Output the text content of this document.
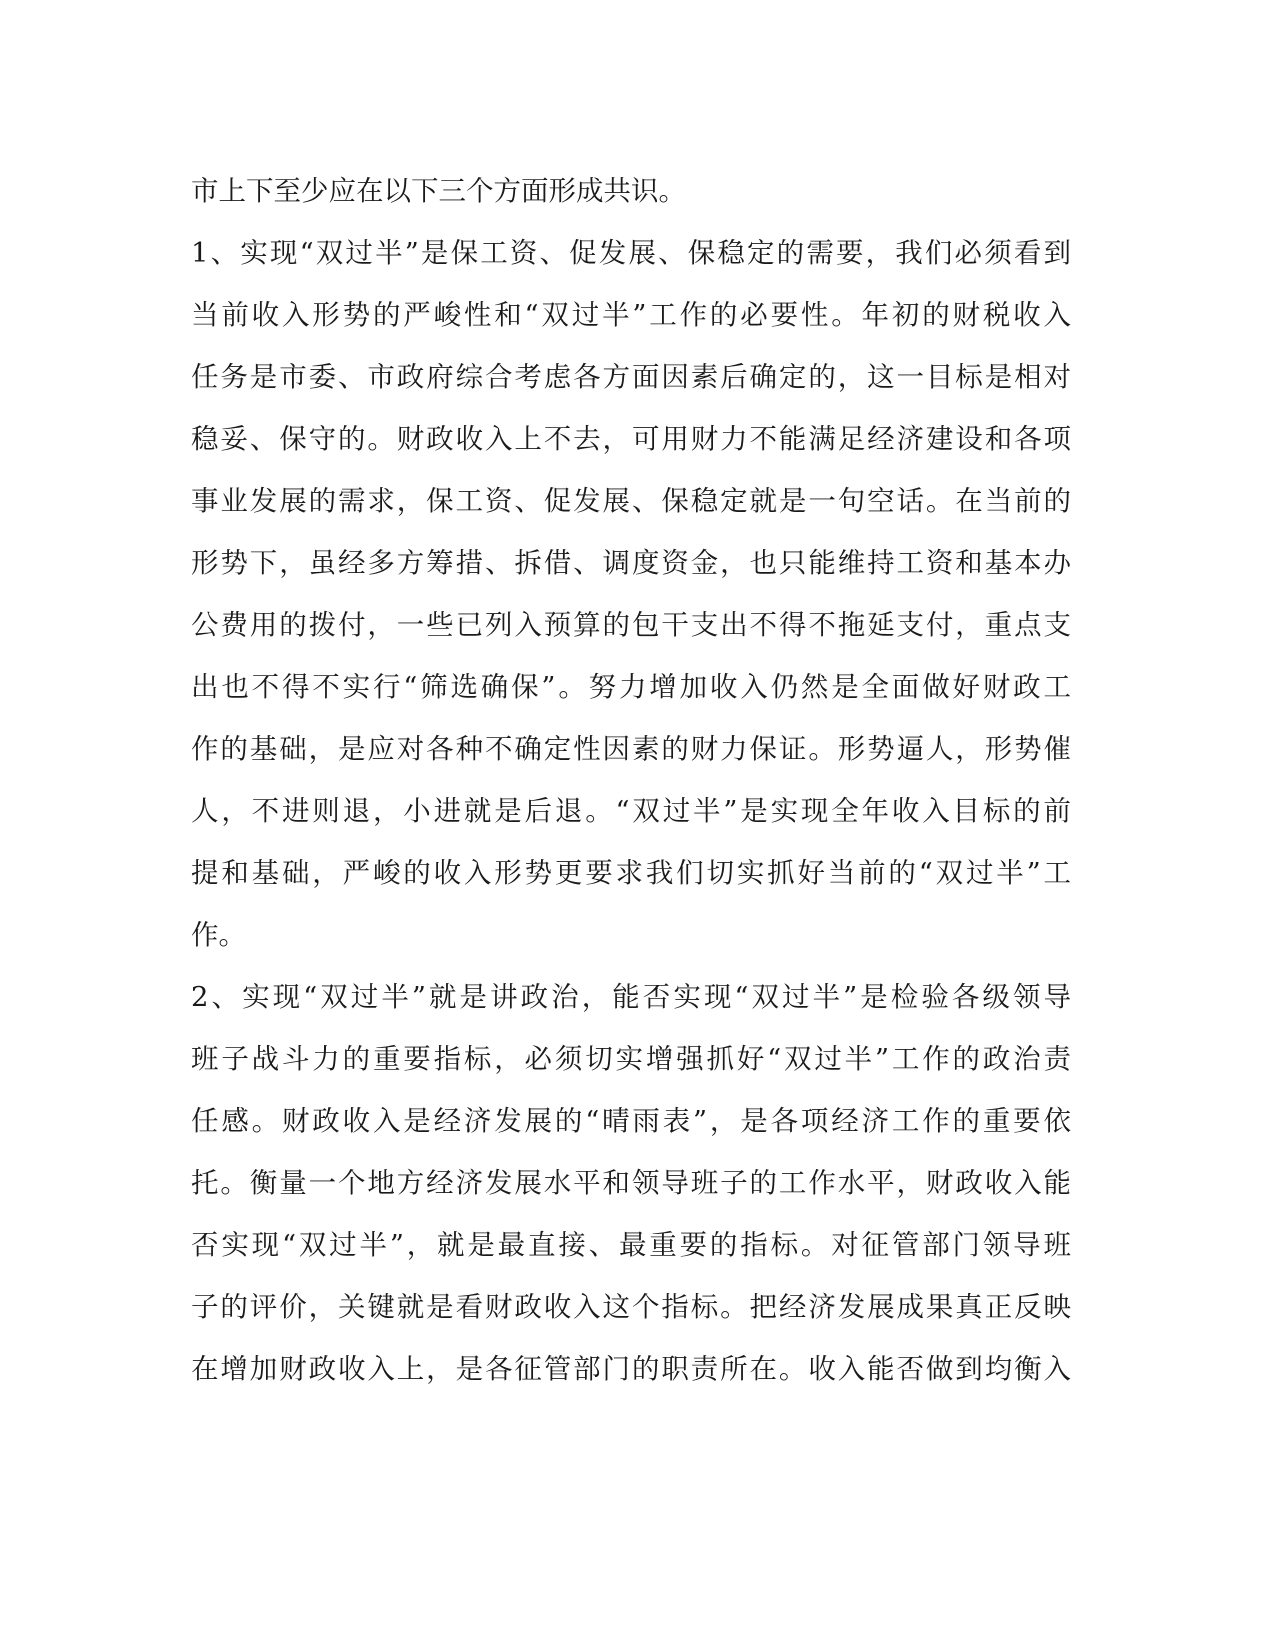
市上下至少应在以下三个方面形成共识。
1、实现“双过半”是保工资、促发展、保稳定的需要，我们必须看到
当前收入形势的严峻性和“双过半”工作的必要性。年初的财税收入
任务是市委、市政府综合考虑各方面因素后确定的，这一目标是相对
稳妥、保守的。财政收入上不去，可用财力不能满足经济建设和各项
事业发展的需求，保工资、促发展、保稳定就是一句空话。在当前的
形势下，虽经多方筹措、拆借、调度资金，也只能维持工资和基本办
公费用的拨付，一些已列入预算的包干支出不得不拖延支付，重点支
出也不得不实行“筛选确保”。努力增加收入仍然是全面做好财政工
作的基础，是应对各种不确定性因素的财力保证。形势逼人，形势催
人，不进则退，小进就是后退。“双过半”是实现全年收入目标的前
提和基础，严峻的收入形势更要求我们切实抓好当前的“双过半”工
作。
2、实现“双过半”就是讲政治，能否实现“双过半”是检验各级领导
班子战斗力的重要指标，必须切实增强抓好“双过半”工作的政治责
任感。财政收入是经济发展的“晴雨表”，是各项经济工作的重要依
托。衡量一个地方经济发展水平和领导班子的工作水平，财政收入能
否实现“双过半”，就是最直接、最重要的指标。对征管部门领导班
子的评价，关键就是看财政收入这个指标。把经济发展成果真正反映
在增加财政收入上，是各征管部门的职责所在。收入能否做到均衡入
